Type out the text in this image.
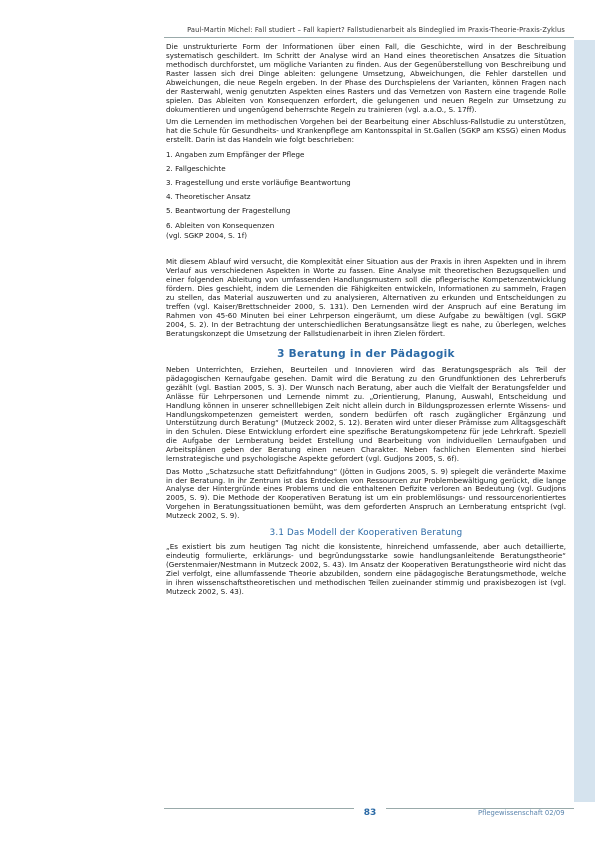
Paul-Martin Michel: Fall studiert – Fall kapiert? Fallstudienarbeit als Bindeglied im Praxis-Theorie-Praxis-Zyklus

Die unstrukturierte Form der Informationen über einen Fall, die Geschichte, wird in der Beschreibung systematisch geschildert. Im Schritt der Analyse wird an Hand eines theoretischen Ansatzes die Situation methodisch durchforstet, um mögliche Varianten zu finden. Aus der Gegenüberstellung von Beschreibung und Raster lassen sich drei Dinge ableiten: gelungene Umsetzung, Abweichungen, die Fehler darstellen und Abweichungen, die neue Regeln ergeben. In der Phase des Durchspielens der Varianten, können Fragen nach der Rasterwahl, wenig genutzten Aspekten eines Rasters und das Vernetzen von Rastern eine tragende Rolle spielen. Das Ableiten von Konsequenzen erfordert, die gelungenen und neuen Regeln zur Umsetzung zu dokumentieren und ungenügend beherrschte Regeln zu trainieren (vgl. a.a.O., S. 17ff).

Um die Lernenden im methodischen Vorgehen bei der Bearbeitung einer Abschluss-Fallstudie zu unterstützen, hat die Schule für Gesundheits- und Krankenpflege am Kantonsspital in St.Gallen (SGKP am KSSG) einen Modus erstellt. Darin ist das Handeln wie folgt beschrieben:

1. Angaben zum Empfänger der Pflege
2. Fallgeschichte
3. Fragestellung und erste vorläufige Beantwortung
4. Theoretischer Ansatz
5. Beantwortung der Fragestellung
6. Ableiten von Konsequenzen

(vgl. SGKP 2004, S. 1f)

Mit diesem Ablauf wird versucht, die Komplexität einer Situation aus der Praxis in ihren Aspekten und in ihrem Verlauf aus verschiedenen Aspekten in Worte zu fassen. Eine Analyse mit theoretischen Bezugsquellen und einer folgenden Ableitung von umfassenden Handlungsmustern soll die pflegerische Kompetenzentwicklung fördern. Dies geschieht, indem die Lernenden die Fähigkeiten entwickeln, Informationen zu sammeln, Fragen zu stellen, das Material auszuwerten und zu analysieren, Alternativen zu erkunden und Entscheidungen zu treffen (vgl. Kaiser/Brettschneider 2000, S. 131). Den Lernenden wird der Anspruch auf eine Beratung im Rahmen von 45-60 Minuten bei einer Lehrperson eingeräumt, um diese Aufgabe zu bewältigen (vgl. SGKP 2004, S. 2). In der Betrachtung der unterschiedlichen Beratungsansätze liegt es nahe, zu überlegen, welches Beratungskonzept die Umsetzung der Fallstudienarbeit in ihren Zielen fördert.

3 Beratung in der Pädagogik

Neben Unterrichten, Erziehen, Beurteilen und Innovieren wird das Beratungsgespräch als Teil der pädagogischen Kernaufgabe gesehen. Damit wird die Beratung zu den Grundfunktionen des Lehrerberufs gezählt (vgl. Bastian 2005, S. 3). Der Wunsch nach Beratung, aber auch die Vielfalt der Beratungsfelder und Anlässe für Lehrpersonen und Lernende nimmt zu. „Orientierung, Planung, Auswahl, Entscheidung und Handlung können in unserer schnelllebigen Zeit nicht allein durch in Bildungsprozessen erlernte Wissens- und Handlungskompetenzen gemeistert werden, sondern bedürfen oft rasch zugänglicher Ergänzung und Unterstützung durch Beratung“ (Mutzeck 2002, S. 12). Beraten wird unter dieser Prämisse zum Alltagsgeschäft in den Schulen. Diese Entwicklung erfordert eine spezifische Beratungskompetenz für jede Lehrkraft. Speziell die Aufgabe der Lernberatung beidet Erstellung und Bearbeitung von individuellen Lernaufgaben und Arbeitsplänen geben der Beratung einen neuen Charakter. Neben fachlichen Elementen sind hierbei lernstrategische und psychologische Aspekte gefordert (vgl. Gudjons 2005, S. 6f).

Das Motto „Schatzsuche statt Defizitfahndung“ (Jötten in Gudjons 2005, S. 9) spiegelt die veränderte Maxime in der Beratung. In ihr Zentrum ist das Entdecken von Ressourcen zur Problembewältigung gerückt, die lange Analyse der Hintergründe eines Problems und die enthaltenen Defizite verloren an Bedeutung (vgl. Gudjons 2005, S. 9). Die Methode der Kooperativen Beratung ist um ein problemlösungs- und ressourcenorientiertes Vorgehen in Beratungssituationen bemüht, was dem geforderten Anspruch an Lernberatung entspricht (vgl. Mutzeck 2002, S. 9).

3.1 Das Modell der Kooperativen Beratung

„Es existiert bis zum heutigen Tag nicht die konsistente, hinreichend umfassende, aber auch detaillierte, eindeutig formulierte, erklärungs- und begründungsstarke sowie handlungsanleitende Beratungstheorie“ (Gerstenmaier/Nestmann in Mutzeck 2002, S. 43). Im Ansatz der Kooperativen Beratungstheorie wird nicht das Ziel verfolgt, eine allumfassende Theorie abzubilden, sondern eine pädagogische Beratungsmethode, welche in ihren wissenschaftstheoretischen und methodischen Teilen zueinander stimmig und praxisbezogen ist (vgl. Mutzeck 2002, S. 43).

83	Pflegewissenschaft 02/09
